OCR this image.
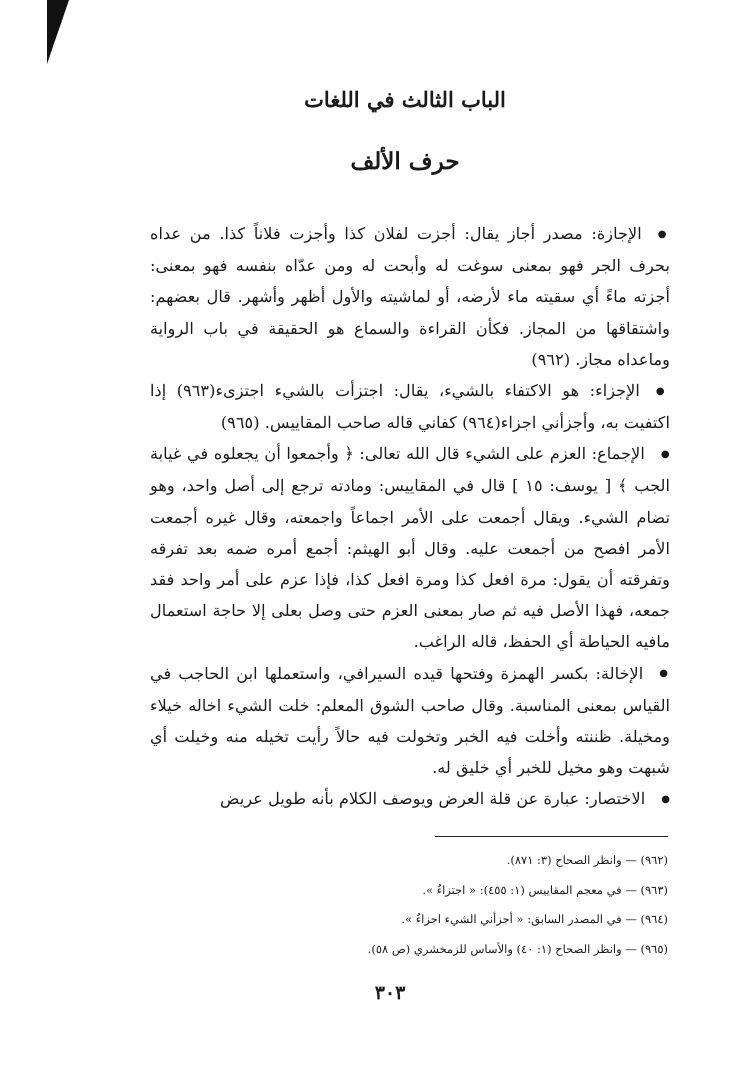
الباب الثالث في اللغات
حرف الألف

●الإجازة: مصدر أجاز يقال: أجزت لفلان كذا وأجزت فلاناً كذا. من عداه بحرف الجر فهو بمعنى سوغت له وأبحت له ومن عدّاه بنفسه فهو بمعنى: أجزته ماءً أي سقيته ماء لأرضه، أو لماشيته والأول أظهر وأشهر. قال بعضهم: واشتقاقها من المجاز. فكأن القراءة والسماع هو الحقيقة في باب الرواية وماعداه مجاز. (٩٦٢)

●الإجزاء: هو الاكتفاء بالشيء، يقال: اجتزأت بالشيء اجتزىء(٩٦٣) إذا اكتفيت به، وأجزأني اجزاء(٩٦٤) كفاني قاله صاحب المقاييس. (٩٦٥)

●الإجماع: العزم على الشيء قال الله تعالى: ﴿ وأجمعوا أن يجعلوه في غيابة الجب ﴾ [ يوسف: ١٥ ] قال في المقاييس: ومادته ترجع إلى أصل واحد، وهو تضام الشيء. ويقال أجمعت على الأمر اجماعاً واجمعته، وقال غيره أجمعت الأمر افصح من أجمعت عليه. وقال أبو الهيثم: أجمع أمره ضمه بعد تفرقه وتفرقته أن يقول: مرة افعل كذا ومرة افعل كذا، فإذا عزم على أمر واحد فقد جمعه، فهذا الأصل فيه ثم صار بمعنى العزم حتى وصل بعلى إلا حاجة استعمال مافيه الحياطة أي الحفظ، قاله الراغب.

●الإخالة: بكسر الهمزة وفتحها قيده السيرافي، واستعملها ابن الحاجب في القياس بمعنى المناسبة. وقال صاحب الشوق المعلم: خلت الشيء اخاله خيلاء ومخيلة. ظننته وأخلت فيه الخبر وتخولت فيه حالاً رأيت تخيله منه وخيلت أي شبهت وهو مخيل للخبر أي خليق له.

●الاختصار: عبارة عن قلة العرض ويوصف الكلام بأنه طويل عريض

(٩٦٢) — وانظر الصحاح (٣: ٨٧١).
(٩٦٣) — في معجم المقاييس (١: ٤٥٥): « اجتزاءٌ ».
(٩٦٤) — في المصدر السابق: « أجزأني الشيء اجزاءٌ ».
(٩٦٥) — وانظر الصحاح (١: ٤٠) والأساس للزمخشري (ص ٥٨).
٣٠٣
